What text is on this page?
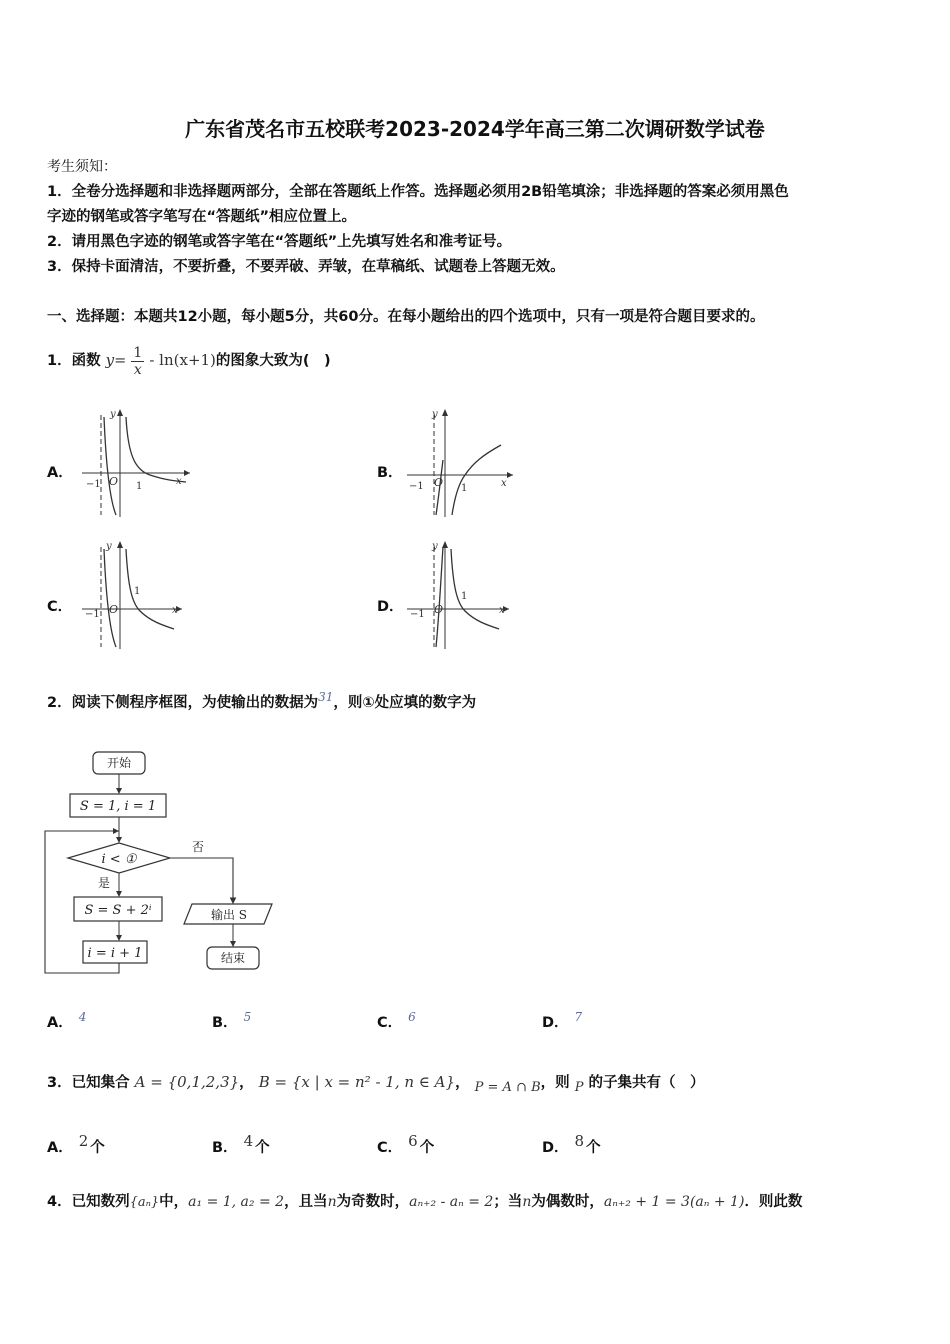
广东省茂名市五校联考2023-2024学年高三第二次调研数学试卷
考生须知：
1．全卷分选择题和非选择题两部分，全部在答题纸上作答。选择题必须用2B铅笔填涂；非选择题的答案必须用黑色
字迹的钢笔或答字笔写在“答题纸”相应位置上。
2．请用黑色字迹的钢笔或答字笔在“答题纸”上先填写姓名和准考证号。
3．保持卡面清洁，不要折叠，不要弄破、弄皱，在草稿纸、试题卷上答题无效。
一、选择题：本题共12小题，每小题5分，共60分。在每小题给出的四个选项中，只有一项是符合题目要求的。
1．函数 $y= \frac{1}{x} - \ln(x+1)$的图象大致为(　)
A．	B．
C．	D．
y
x
−1 O 1
y
x
−1 O 1
y
x
−1 O
1
y
x
−1 O
1
2．阅读下侧程序框图，为使输出的数据为$^{31}$，则①处应填的数字为
开始
S = 1, i = 1
i < ①
否
是
S = S + 2ⁱ
i = i + 1
输出 S
结束
A． $^4$	B． $^5$	C． $^6$	D． $^7$
3．已知集合 A = {0,1,2,3}， B = {x | x = n² - 1, n ∈ A}， P = A ∩ B，则 P 的子集共有（　）
A． 2 个	B． 4 个	C． 6 个	D． 8 个
4．已知数列{aₙ}中，a₁ = 1, a₂ = 2，且当n为奇数时，aₙ₊₂ - aₙ = 2；当n为偶数时，aₙ₊₂ + 1 = 3(aₙ + 1)．则此数
